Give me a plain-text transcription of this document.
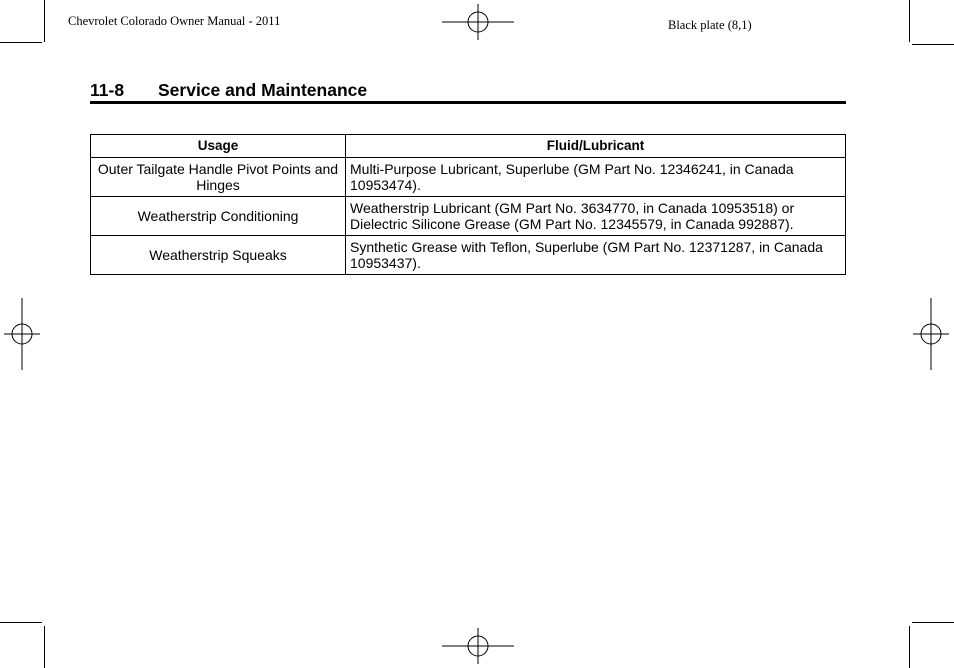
Chevrolet Colorado Owner Manual - 2011	Black plate (8,1)
11-8 Service and Maintenance
Usage	Fluid/Lubricant
Outer Tailgate Handle Pivot Points and Hinges	Multi-Purpose Lubricant, Superlube (GM Part No. 12346241, in Canada 10953474).
Weatherstrip Conditioning	Weatherstrip Lubricant (GM Part No. 3634770, in Canada 10953518) or Dielectric Silicone Grease (GM Part No. 12345579, in Canada 992887).
Weatherstrip Squeaks	Synthetic Grease with Teflon, Superlube (GM Part No. 12371287, in Canada 10953437).
